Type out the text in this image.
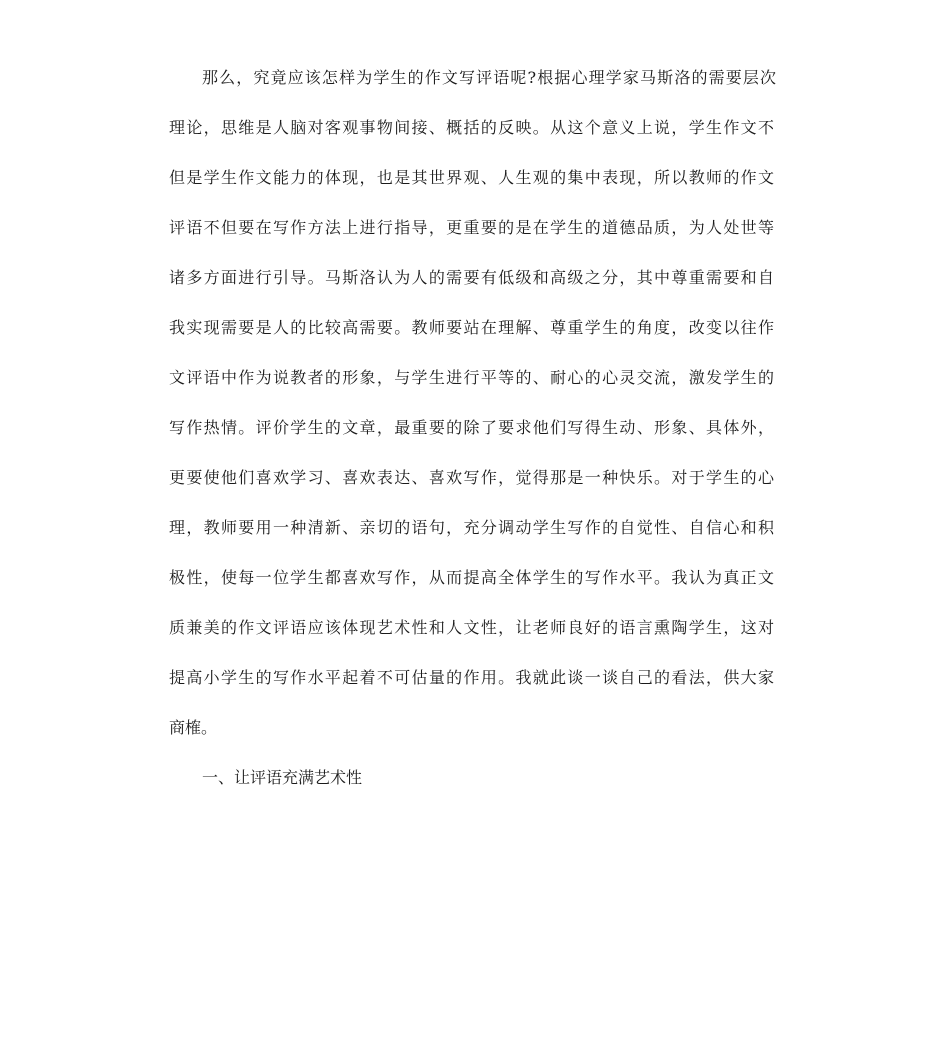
那么，究竟应该怎样为学生的作文写评语呢?根据心理学家马斯洛的需要层次
理论，思维是人脑对客观事物间接、概括的反映。从这个意义上说，学生作文不
但是学生作文能力的体现，也是其世界观、人生观的集中表现，所以教师的作文
评语不但要在写作方法上进行指导，更重要的是在学生的道德品质，为人处世等
诸多方面进行引导。马斯洛认为人的需要有低级和高级之分，其中尊重需要和自
我实现需要是人的比较高需要。教师要站在理解、尊重学生的角度，改变以往作
文评语中作为说教者的形象，与学生进行平等的、耐心的心灵交流，激发学生的
写作热情。评价学生的文章，最重要的除了要求他们写得生动、形象、具体外，
更要使他们喜欢学习、喜欢表达、喜欢写作，觉得那是一种快乐。对于学生的心
理，教师要用一种清新、亲切的语句，充分调动学生写作的自觉性、自信心和积
极性，使每一位学生都喜欢写作，从而提高全体学生的写作水平。我认为真正文
质兼美的作文评语应该体现艺术性和人文性，让老师良好的语言熏陶学生，这对
提高小学生的写作水平起着不可估量的作用。我就此谈一谈自己的看法，供大家
商榷。
一、让评语充满艺术性
